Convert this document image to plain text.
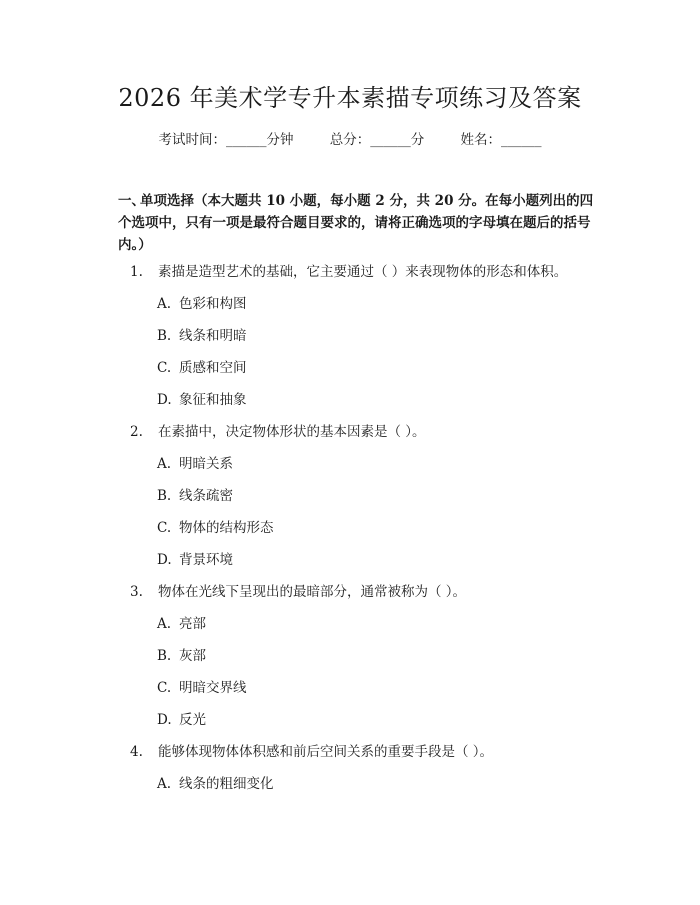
2026 年美术学专升本素描专项练习及答案
考试时间：______分钟	总分：______分	姓名：______
一、单项选择（本大题共 10 小题，每小题 2 分，共 20 分。在每小题列出的四个选项中，只有一项是最符合题目要求的，请将正确选项的字母填在题后的括号内。）
1. 素描是造型艺术的基础，它主要通过（ ）来表现物体的形态和体积。
A. 色彩和构图
B. 线条和明暗
C. 质感和空间
D. 象征和抽象
2. 在素描中，决定物体形状的基本因素是（ ）。
A. 明暗关系
B. 线条疏密
C. 物体的结构形态
D. 背景环境
3. 物体在光线下呈现出的最暗部分，通常被称为（ ）。
A. 亮部
B. 灰部
C. 明暗交界线
D. 反光
4. 能够体现物体体积感和前后空间关系的重要手段是（ ）。
A. 线条的粗细变化
